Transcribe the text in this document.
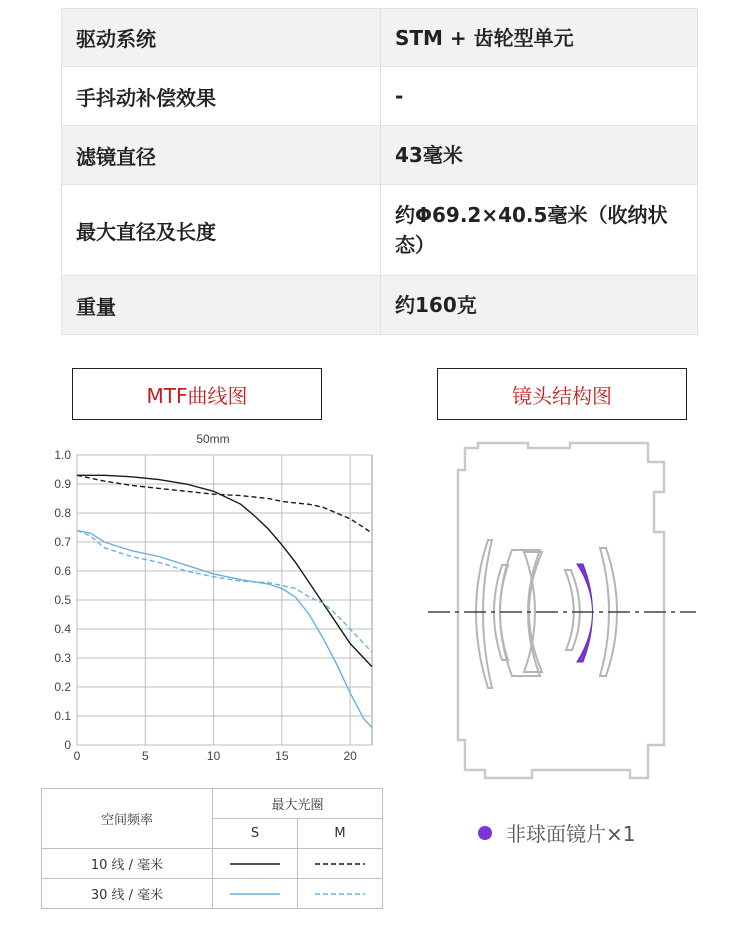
驱动系统	STM + 齿轮型单元
手抖动补偿效果	-
滤镜直径	43毫米
最大直径及长度	约Φ69.2×40.5毫米（收纳状态）
重量	约160克
MTF曲线图	镜头结构图
50mm
0
0.1
0.2
0.3
0.4
0.5
0.6
0.7
0.8
0.9
1.0
0	5	10	15	20
空间频率	最大光圈	
	S	M
10 线 / 毫米		
30 线 / 毫米		
非球面镜片×1
